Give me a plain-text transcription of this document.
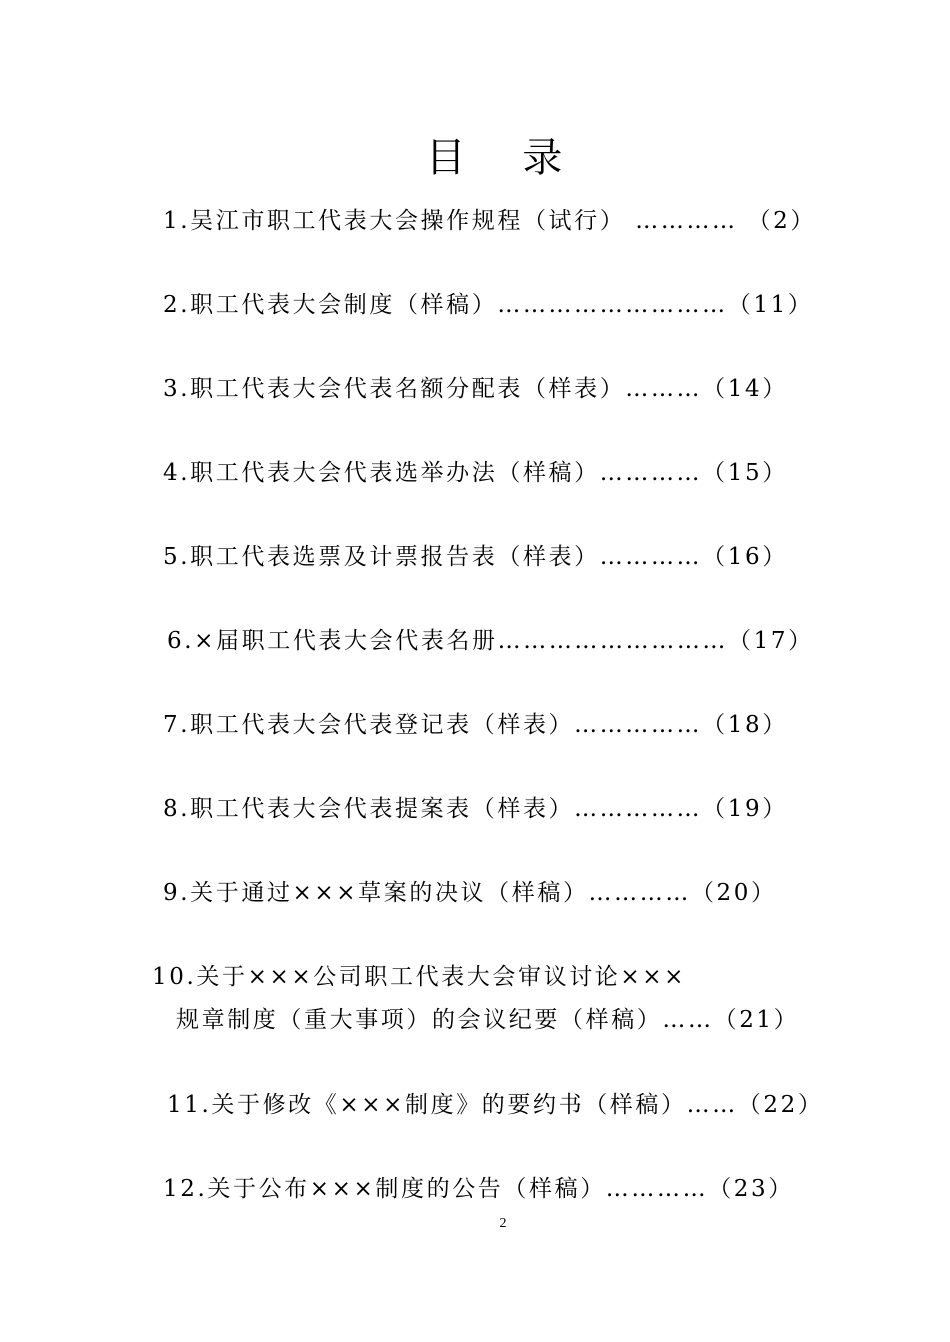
目 录
1.吴江市职工代表大会操作规程（试行） ………… （2）
2.职工代表大会制度（样稿）………………………（11）
3.职工代表大会代表名额分配表（样表）………（14）
4.职工代表大会代表选举办法（样稿）…………（15）
5.职工代表选票及计票报告表（样表）…………（16）
6.×届职工代表大会代表名册………………………（17）
7.职工代表大会代表登记表（样表）……………（18）
8.职工代表大会代表提案表（样表）……………（19）
9.关于通过×××草案的决议（样稿）…………（20）
10.关于×××公司职工代表大会审议讨论×××
规章制度（重大事项）的会议纪要（样稿）……（21）
11.关于修改《×××制度》的要约书（样稿）……（22）
12.关于公布×××制度的公告（样稿）…………（23）
2
